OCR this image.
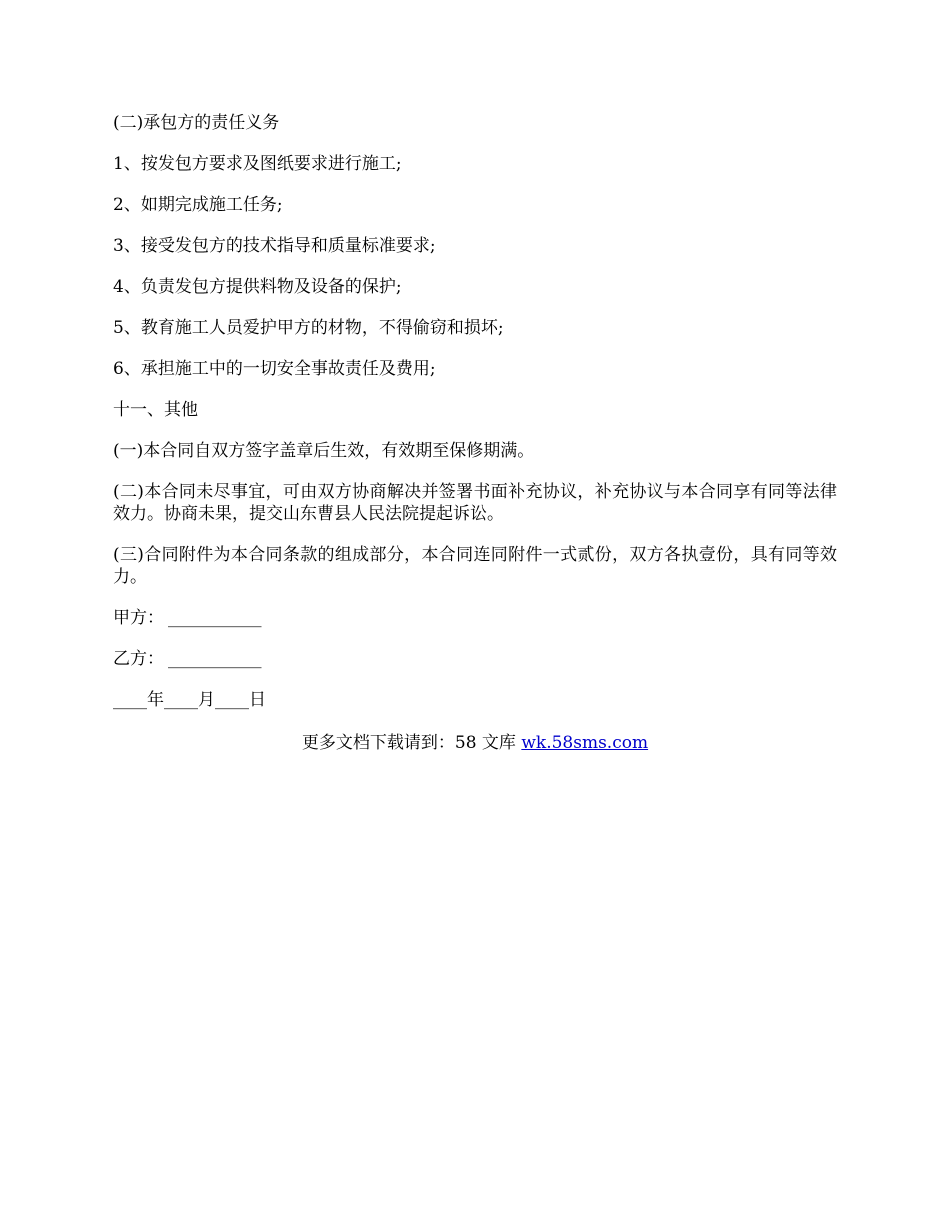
(二)承包方的责任义务

1、按发包方要求及图纸要求进行施工;

2、如期完成施工任务;

3、接受发包方的技术指导和质量标准要求;

4、负责发包方提供料物及设备的保护;

5、教育施工人员爱护甲方的材物，不得偷窃和损坏;

6、承担施工中的一切安全事故责任及费用;

十一、其他

(一)本合同自双方签字盖章后生效，有效期至保修期满。

(二)本合同未尽事宜，可由双方协商解决并签署书面补充协议，补充协议与本合同享有同等法律效力。协商未果，提交山东曹县人民法院提起诉讼。

(三)合同附件为本合同条款的组成部分，本合同连同附件一式贰份，双方各执壹份，具有同等效力。

甲方： ___________

乙方： ___________

____年____月____日

更多文档下载请到：58 文库 wk.58sms.com
